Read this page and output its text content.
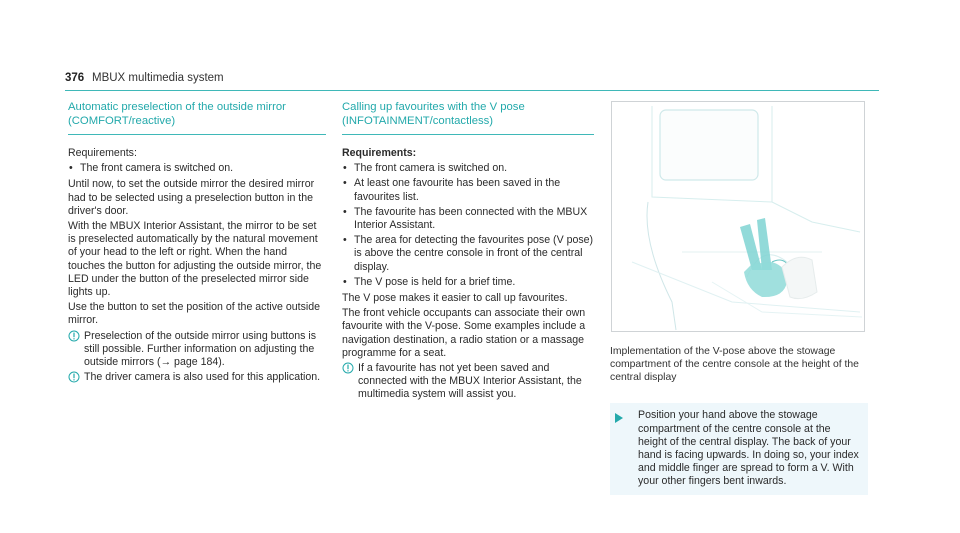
376 MBUX multimedia system
Automatic preselection of the outside mirror (COMFORT/reactive)
Requirements:
• The front camera is switched on.

Until now, to set the outside mirror the desired mirror had to be selected using a preselection button in the driver's door.

With the MBUX Interior Assistant, the mirror to be set is preselected automatically by the natural movement of your head to the left or right. When the hand touches the button for adjusting the outside mirror, the LED under the button of the preselected mirror side lights up.

Use the button to set the position of the active outside mirror.

Preselection of the outside mirror using buttons is still possible. Further information on adjusting the outside mirrors (→ page 184).
The driver camera is also used for this application.
Calling up favourites with the V pose (INFOTAINMENT/contactless)
Requirements:
• The front camera is switched on.
• At least one favourite has been saved in the favourites list.
• The favourite has been connected with the MBUX Interior Assistant.
• The area for detecting the favourites pose (V pose) is above the centre console in front of the central display.
• The V pose is held for a brief time.

The V pose makes it easier to call up favourites.

The front vehicle occupants can associate their own favourite with the V-pose. Some examples include a navigation destination, a radio station or a massage programme for a seat.

If a favourite has not yet been saved and connected with the MBUX Interior Assistant, the multimedia system will assist you.
Implementation of the V-pose above the stowage compartment of the centre console at the height of the central display
Position your hand above the stowage compartment of the centre console at the height of the central display. The back of your hand is facing upwards. In doing so, your index and middle finger are spread to form a V. With your other fingers bent inwards.
